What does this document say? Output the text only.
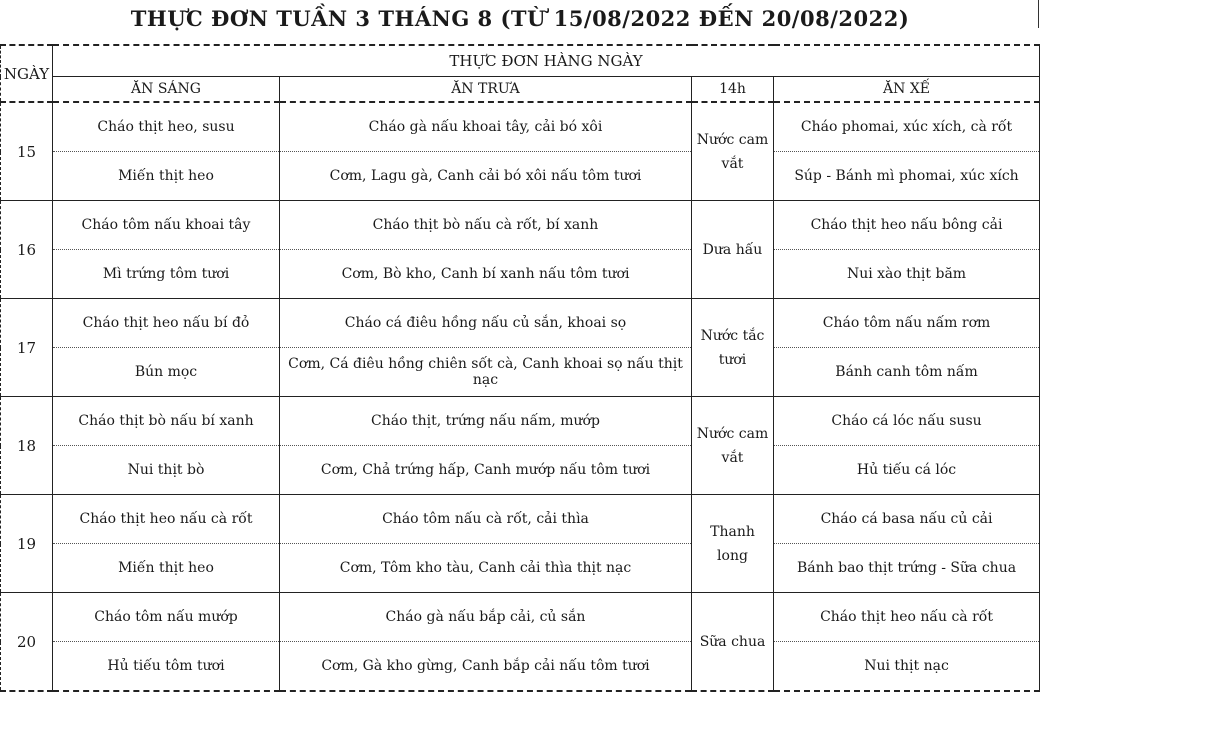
THỰC ĐƠN TUẦN 3 THÁNG 8 (TỪ 15/08/2022 ĐẾN 20/08/2022)
NGÀY	THỰC ĐƠN HÀNG NGÀY			
	ĂN SÁNG	ĂN TRƯA	14h	ĂN XẾ
15	Cháo thịt heo, susu	Cháo gà nấu khoai tây, cải bó xôi	Nước cam vắt	Cháo phomai, xúc xích, cà rốt
	Miến thịt heo	Cơm, Lagu gà, Canh cải bó xôi nấu tôm tươi		Súp - Bánh mì phomai, xúc xích
16	Cháo tôm nấu khoai tây	Cháo thịt bò nấu cà rốt, bí xanh	Dưa hấu	Cháo thịt heo nấu bông cải
	Mì trứng tôm tươi	Cơm, Bò kho, Canh bí xanh nấu tôm tươi		Nui xào thịt băm
17	Cháo thịt heo nấu bí đỏ	Cháo cá điêu hồng nấu củ sắn, khoai sọ	Nước tắc tươi	Cháo tôm nấu nấm rơm
	Bún mọc	Cơm, Cá điêu hồng chiên sốt cà, Canh khoai sọ nấu thịt nạc		Bánh canh tôm nấm
18	Cháo thịt bò nấu bí xanh	Cháo thịt, trứng nấu nấm, mướp	Nước cam vắt	Cháo cá lóc nấu susu
	Nui thịt bò	Cơm, Chả trứng hấp, Canh mướp nấu tôm tươi		Hủ tiếu cá lóc
19	Cháo thịt heo nấu cà rốt	Cháo tôm nấu cà rốt, cải thìa	Thanh long	Cháo cá basa nấu củ cải
	Miến thịt heo	Cơm, Tôm kho tàu, Canh cải thìa thịt nạc		Bánh bao thịt trứng - Sữa chua
20	Cháo tôm nấu mướp	Cháo gà nấu bắp cải, củ sắn	Sữa chua	Cháo thịt heo nấu cà rốt
	Hủ tiếu tôm tươi	Cơm, Gà kho gừng, Canh bắp cải nấu tôm tươi		Nui thịt nạc
